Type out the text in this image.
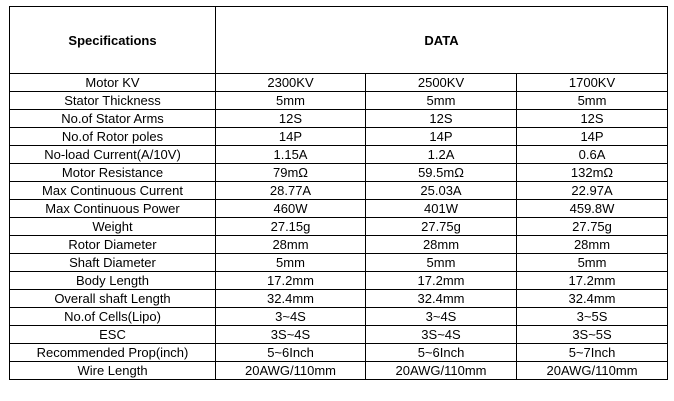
Specifications	DATA		
Motor KV	2300KV	2500KV	1700KV
Stator Thickness	5mm	5mm	5mm
No.of Stator Arms	12S	12S	12S
No.of Rotor poles	14P	14P	14P
No-load Current(A/10V)	1.15A	1.2A	0.6A
Motor Resistance	79mΩ	59.5mΩ	132mΩ
Max Continuous Current	28.77A	25.03A	22.97A
Max Continuous Power	460W	401W	459.8W
Weight	27.15g	27.75g	27.75g
Rotor Diameter	28mm	28mm	28mm
Shaft Diameter	5mm	5mm	5mm
Body Length	17.2mm	17.2mm	17.2mm
Overall shaft Length	32.4mm	32.4mm	32.4mm
No.of Cells(Lipo)	3~4S	3~4S	3~5S
ESC	3S~4S	3S~4S	3S~5S
Recommended Prop(inch)	5~6Inch	5~6Inch	5~7Inch
Wire Length	20AWG/110mm	20AWG/110mm	20AWG/110mm
